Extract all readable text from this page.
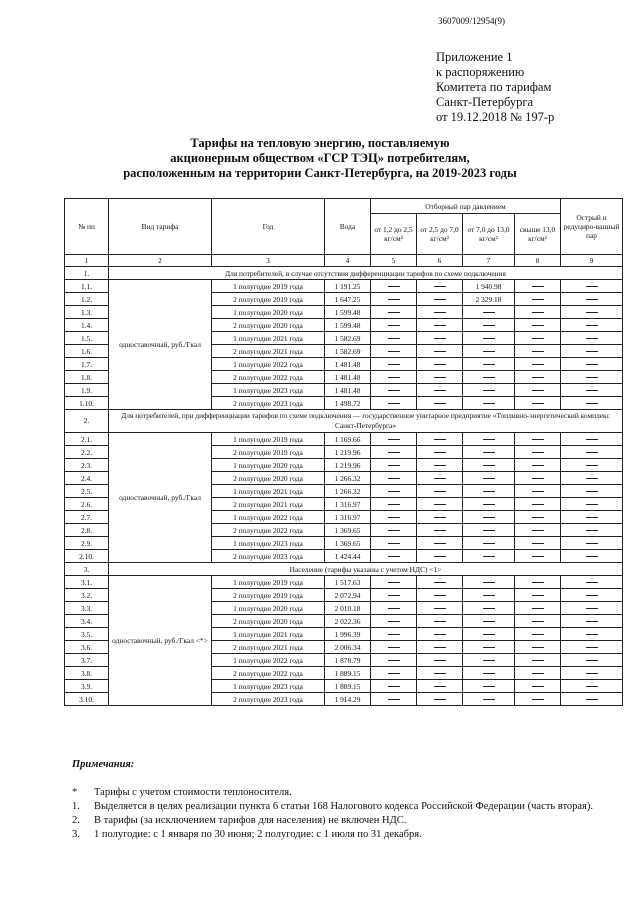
3607009/12954(9)
Приложение 1
к распоряжению
Комитета по тарифам
Санкт-Петербурга
от 19.12.2018 № 197-р
Тарифы на тепловую энергию, поставляемую
акционерным обществом «ГСР ТЭЦ» потребителям,
расположенным на территории Санкт-Петербурга, на 2019-2023 годы
№ пп	Вид тарифа	Год	Вода	Отборный пар давлением				Острый и редуциро-ванный пар
				от 1,2 до 2,5 кг/см²	от 2,5 до 7,0 кг/см²	от 7,0 до 13,0 кг/см²	свыше 13,0 кг/см²	
1	2	3	4	5	6	7	8	9
1.	Для потребителей, в случае отсутствия дифференциации тарифов по схеме подключения							
1.1.	одноставочный, руб./Гкал	1 полугодие 2019 года	1 191.25			1 940.98		
1.2.		2 полугодие 2019 года	1 647.25			2 329.18		
1.3.		1 полугодие 2020 года	1 599.48					
1.4.		2 полугодие 2020 года	1 599.48					
1.5.		1 полугодие 2021 года	1 582.69					
1.6.		2 полугодие 2021 года	1 582.69					
1.7.		1 полугодие 2022 года	1 481.48					
1.8.		2 полугодие 2022 года	1 481.48					
1.9.		1 полугодие 2023 года	1 481.48					
1.10.		2 полугодие 2023 года	1 498.72					
2.	Для потребителей, при дифференциации тарифов по схеме подключения — государственное унитарное предприятие «Топливно-энергетический комплекс Санкт-Петербурга»							
2.1.	одноставочный, руб./Гкал	1 полугодие 2019 года	1 169.66					
2.2.		2 полугодие 2019 года	1 219.96					
2.3.		1 полугодие 2020 года	1 219.96					
2.4.		2 полугодие 2020 года	1 266.32					
2.5.		1 полугодие 2021 года	1 266.32					
2.6.		2 полугодие 2021 года	1 316.97					
2.7.		1 полугодие 2022 года	1 316.97					
2.8.		2 полугодие 2022 года	1 369.65					
2.9.		1 полугодие 2023 года	1 369.65					
2.10.		2 полугодие 2023 года	1 424.44					
3.	Население (тарифы указаны с учетом НДС) <1>							
3.1.	одноставочный, руб./Гкал <*>	1 полугодие 2019 года	1 517.63					
3.2.		2 полугодие 2019 года	2 072.94					
3.3.		1 полугодие 2020 года	2 010.18					
3.4.		2 полугодие 2020 года	2 022.36					
3.5.		1 полугодие 2021 года	1 996.39					
3.6.		2 полугодие 2021 года	2 006.34					
3.7.		1 полугодие 2022 года	1 878.79					
3.8.		2 полугодие 2022 года	1 889.15					
3.9.		1 полугодие 2023 года	1 889.15					
3.10.		2 полугодие 2023 года	1 914.29					
Примечания:
*	Тарифы с учетом стоимости теплоносителя.
1.	Выделяется в целях реализации пункта 6 статьи 168 Налогового кодекса Российской Федерации (часть вторая).
2.	В тарифы (за исключением тарифов для населения) не включен НДС.
3.	1 полугодие: с 1 января по 30 июня; 2 полугодие: с 1 июля по 31 декабря.
